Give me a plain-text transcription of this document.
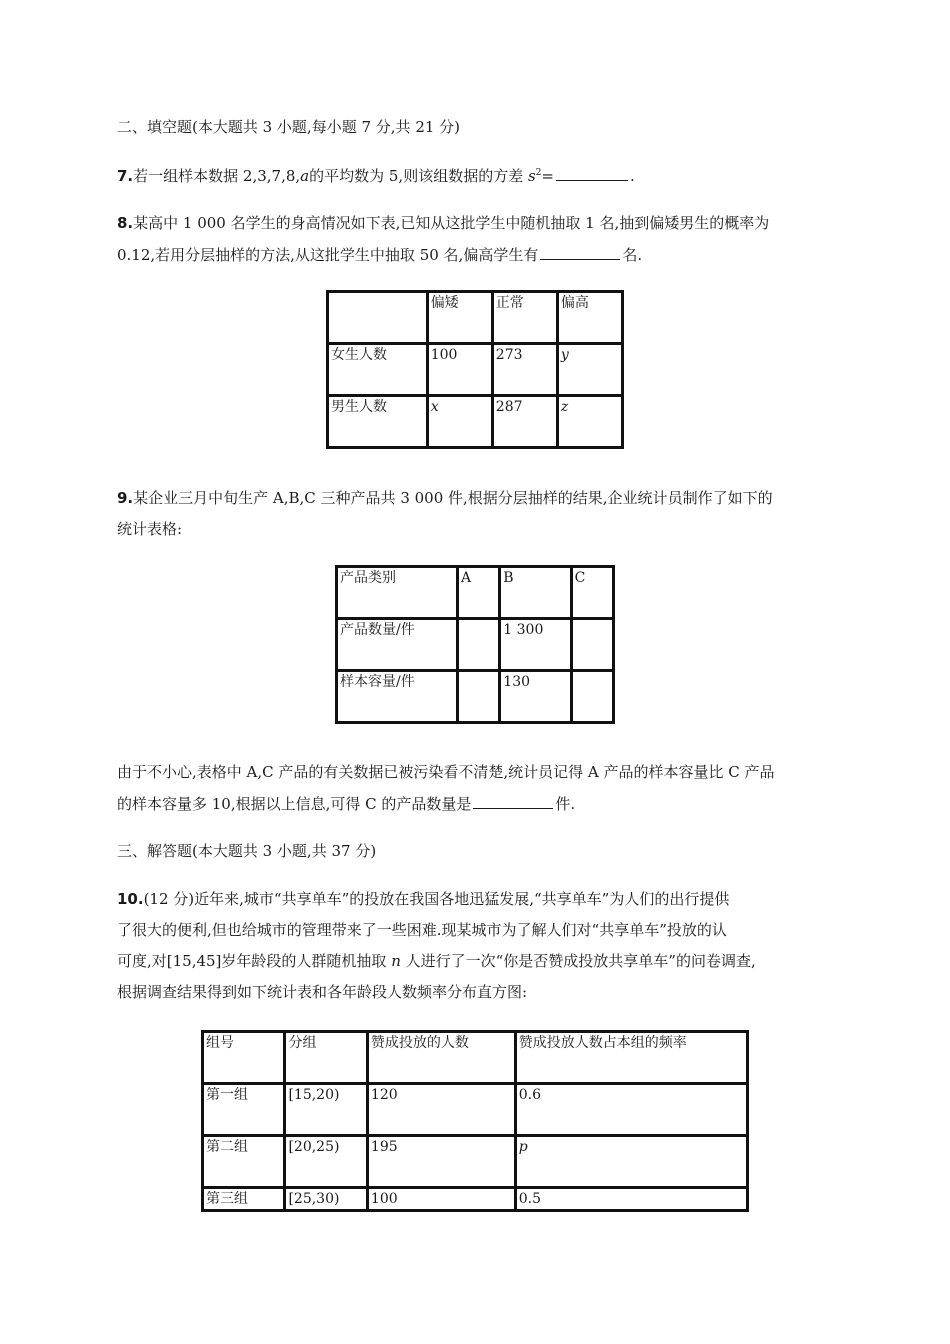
二、填空题(本大题共 3 小题,每小题 7 分,共 21 分)
7.若一组样本数据 2,3,7,8,a的平均数为 5,则该组数据的方差 $s^2=$	.
8.某高中 1 000 名学生的身高情况如下表,已知从这批学生中随机抽取 1 名,抽到偏矮男生的概率为
0.12,若用分层抽样的方法,从这批学生中抽取 50 名,偏高学生有	名.
	偏矮	正常	偏高
女生人数	100	273	y
男生人数	x	287	z
9.某企业三月中旬生产 A,B,C 三种产品共 3 000 件,根据分层抽样的结果,企业统计员制作了如下的
统计表格:
产品类别	A	B	C
产品数量/件		1 300	
样本容量/件		130	
由于不小心,表格中 A,C 产品的有关数据已被污染看不清楚,统计员记得 A 产品的样本容量比 C 产品
的样本容量多 10,根据以上信息,可得 C 的产品数量是	件.
三、解答题(本大题共 3 小题,共 37 分)
10.(12 分)近年来,城市“共享单车”的投放在我国各地迅猛发展,“共享单车”为人们的出行提供
了很大的便利,但也给城市的管理带来了一些困难.现某城市为了解人们对“共享单车”投放的认
可度,对[15,45]岁年龄段的人群随机抽取 n 人进行了一次“你是否赞成投放共享单车”的问卷调查,
根据调查结果得到如下统计表和各年龄段人数频率分布直方图:
组号	分组	赞成投放的人数	赞成投放人数占本组的频率
第一组	[15,20)	120	0.6
第二组	[20,25)	195	p
第三组	[25,30)	100	0.5
